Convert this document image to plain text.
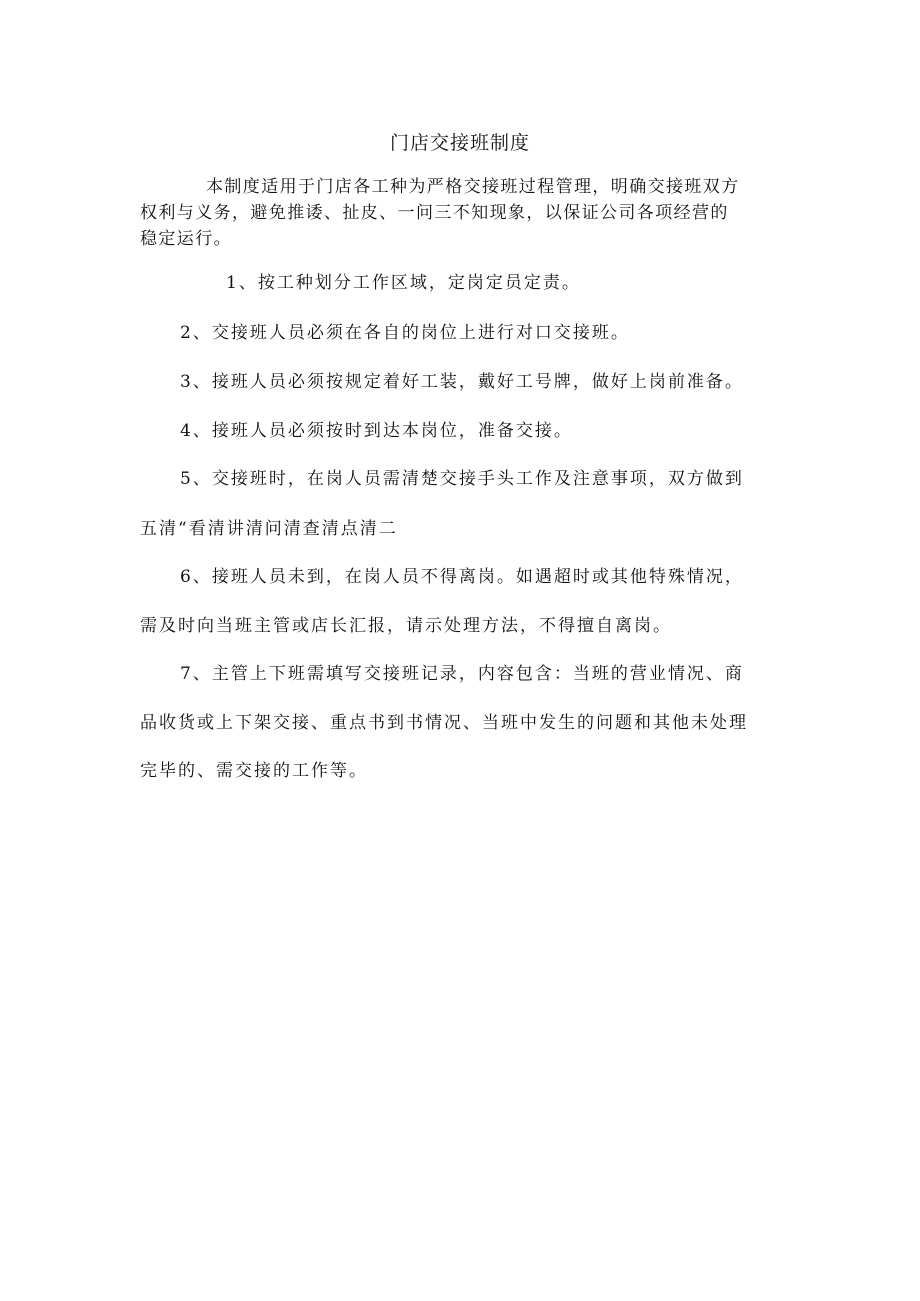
门店交接班制度
本制度适用于门店各工种为严格交接班过程管理，明确交接班双方
权利与义务，避免推诿、扯皮、一问三不知现象，以保证公司各项经营的
稳定运行。
1、按工种划分工作区域，定岗定员定责。
2、交接班人员必须在各自的岗位上进行对口交接班。
3、接班人员必须按规定着好工装，戴好工号牌，做好上岗前准备。
4、接班人员必须按时到达本岗位，准备交接。
5、交接班时，在岗人员需清楚交接手头工作及注意事项，双方做到
五清“看清讲清问清查清点清二
6、接班人员未到，在岗人员不得离岗。如遇超时或其他特殊情况，
需及时向当班主管或店长汇报，请示处理方法，不得擅自离岗。
7、主管上下班需填写交接班记录，内容包含：当班的营业情况、商
品收货或上下架交接、重点书到书情况、当班中发生的问题和其他未处理
完毕的、需交接的工作等。
